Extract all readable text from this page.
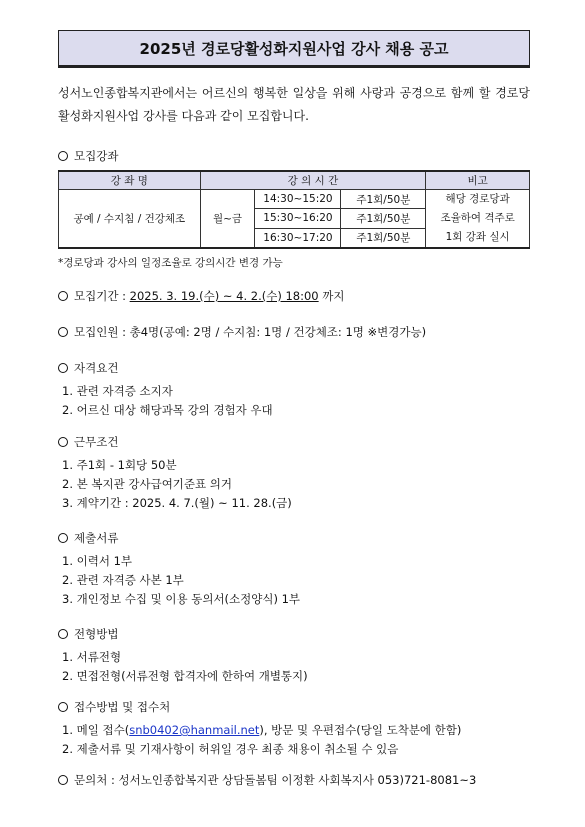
2025년 경로당활성화지원사업 강사 채용 공고
성서노인종합복지관에서는 어르신의 행복한 일상을 위해 사랑과 공경으로 함께 할 경로당활성화지원사업 강사를 다음과 같이 모집합니다.
모집강좌
강 좌 명	강 의 시 간			비고
공예 / 수지침 / 건강체조	월~금	14:30~15:20	주1회/50분	해당 경로당과
조율하여 격주로
1회 강좌 실시

		15:30~16:20	주1회/50분	
		16:30~17:20	주1회/50분	
*경로당과 강사의 일정조율로 강의시간 변경 가능
모집기간 : 2025. 3. 19.(수) ~ 4. 2.(수) 18:00 까지
모집인원 : 총4명(공예: 2명 / 수지침: 1명 / 건강체조: 1명 ※변경가능)
자격요건
1. 관련 자격증 소지자
2. 어르신 대상 해당과목 강의 경험자 우대
근무조건
1. 주1회 - 1회당 50분
2. 본 복지관 강사급여기준표 의거
3. 계약기간 : 2025. 4. 7.(월) ~ 11. 28.(금)
제출서류
1. 이력서 1부
2. 관련 자격증 사본 1부
3. 개인정보 수집 및 이용 동의서(소정양식) 1부
전형방법
1. 서류전형
2. 면접전형(서류전형 합격자에 한하여 개별통지)
접수방법 및 접수처
1. 메일 접수(snb0402@hanmail.net), 방문 및 우편접수(당일 도착분에 한함)
2. 제출서류 및 기재사항이 허위일 경우 최종 채용이 취소될 수 있음
문의처 : 성서노인종합복지관 상담돌봄팀 이정환 사회복지사 053)721-8081~3
